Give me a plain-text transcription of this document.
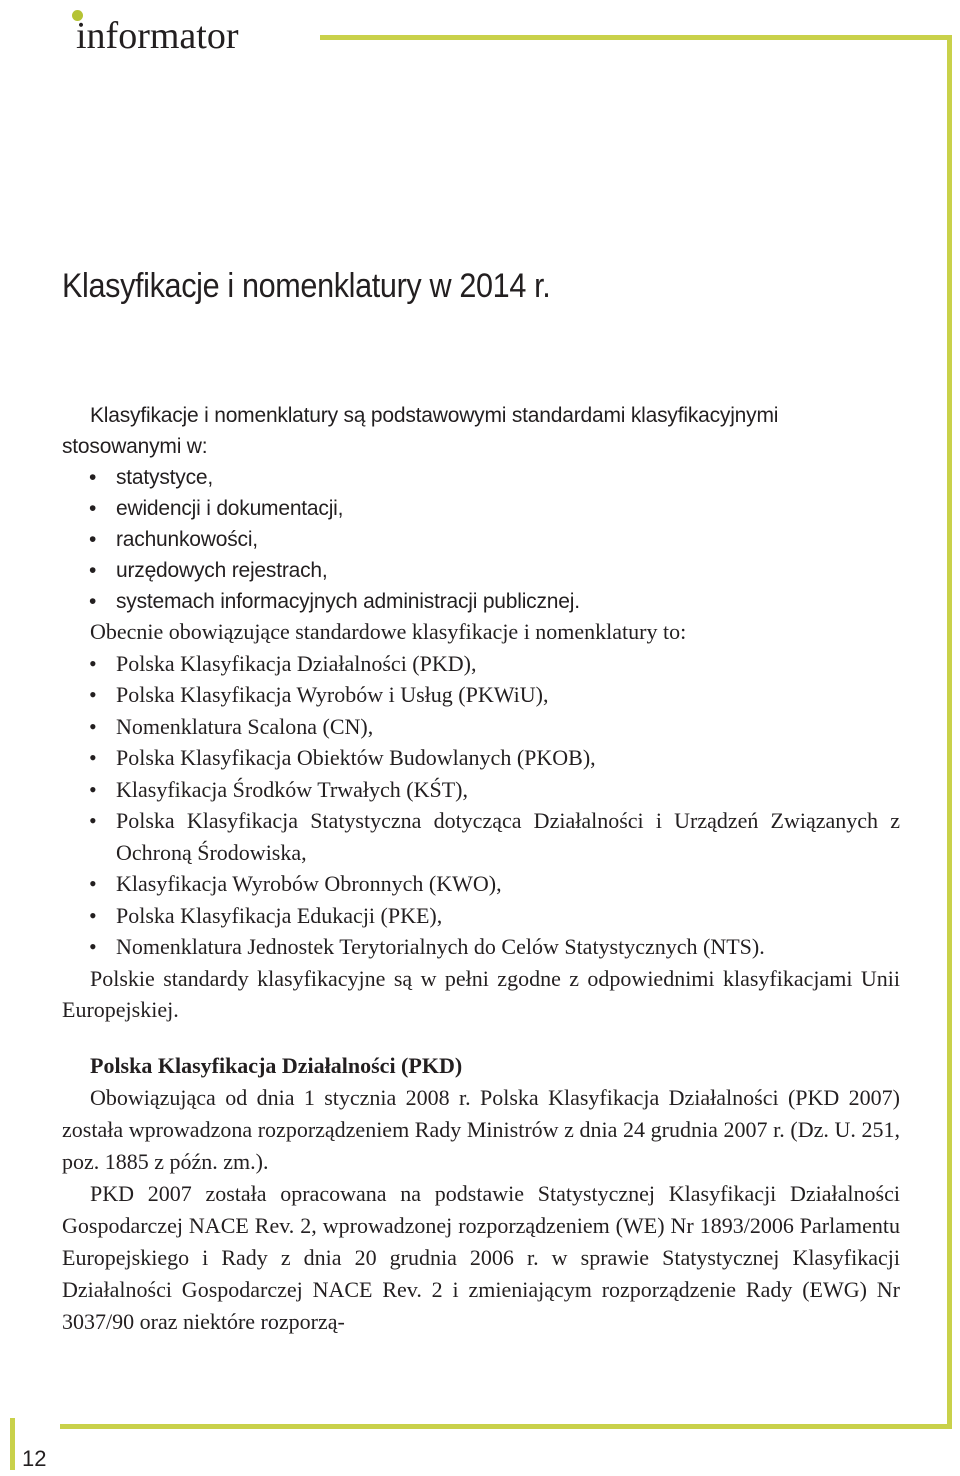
informator
12
Klasyfikacje i nomenklatury w 2014 r.

Klasyfikacje i nomenklatury są podstawowymi standardami klasyfikacyjnymi stosowanymi w:

• statystyce,
• ewidencji i dokumentacji,
• rachunkowości,
• urzędowych rejestrach,
• systemach informacyjnych administracji publicznej.

Obecnie obowiązujące standardowe klasyfikacje i nomenklatury to:

• Polska Klasyfikacja Działalności (PKD),
• Polska Klasyfikacja Wyrobów i Usług (PKWiU),
• Nomenklatura Scalona (CN),
• Polska Klasyfikacja Obiektów Budowlanych (PKOB),
• Klasyfikacja Środków Trwałych (KŚT),
• Polska Klasyfikacja Statystyczna dotycząca Działalności i Urządzeń Związanych z Ochroną Środowiska,
• Klasyfikacja Wyrobów Obronnych (KWO),
• Polska Klasyfikacja Edukacji (PKE),
• Nomenklatura Jednostek Terytorialnych do Celów Statystycznych (NTS).

Polskie standardy klasyfikacyjne są w pełni zgodne z odpowiednimi klasyfikacjami Unii Europejskiej.

Polska Klasyfikacja Działalności (PKD)

Obowiązująca od dnia 1 stycznia 2008 r. Polska Klasyfikacja Działalności (PKD 2007) została wprowadzona rozporządzeniem Rady Ministrów z dnia 24 grudnia 2007 r. (Dz. U. 251, poz. 1885 z późn. zm.).

PKD 2007 została opracowana na podstawie Statystycznej Klasyfikacji Działalności Gospodarczej NACE Rev. 2, wprowadzonej rozporządzeniem (WE) Nr 1893/2006 Parlamentu Europejskiego i Rady z dnia 20 grudnia 2006 r. w sprawie Statystycznej Klasyfikacji Działalności Gospodarczej NACE Rev. 2 i zmieniającym rozporządzenie Rady (EWG) Nr 3037/90 oraz niektóre rozporzą-
